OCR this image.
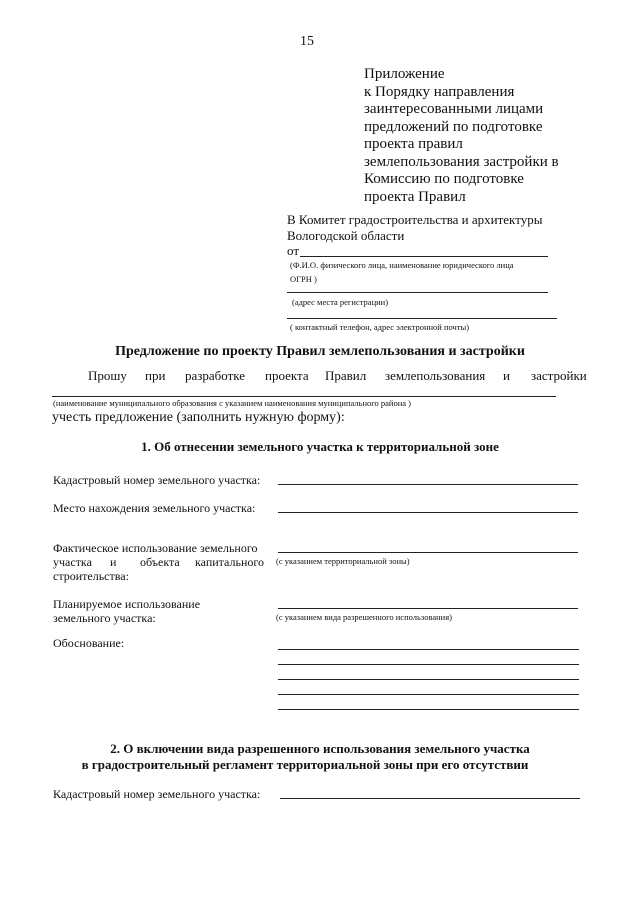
15
Приложение
к Порядку направления
заинтересованными лицами
предложений по подготовке
проекта правил
землепользования застройки в
Комиссию по подготовке
проекта Правил
В Комитет градостроительства и архитектуры
Вологодской области
от
(Ф.И.О. физического лица, наименование юридического лица
ОГРН )
(адрес места регистрации)
( контактный телефон, адрес электронной почты)
Предложение по проекту Правил землепользования и застройки
Прошу при разработке проекта Правил землепользования и застройки
(наименование муниципального образования с указанием наименования муниципального района )
учесть предложение (заполнить нужную форму):
1. Об отнесении земельного участка к территориальной зоне
Кадастровый номер земельного участка:
Место нахождения земельного участка:
Фактическое использование земельного
участка и объекта капитального
строительства:
(с указанием территориальной зоны)
Планируемое использование
земельного участка:	(с указанием вида разрешенного использования)
Обоснование:
2. О включении вида разрешенного использования земельного участка
в градостроительный регламент территориальной зоны при его отсутствии
Кадастровый номер земельного участка:
